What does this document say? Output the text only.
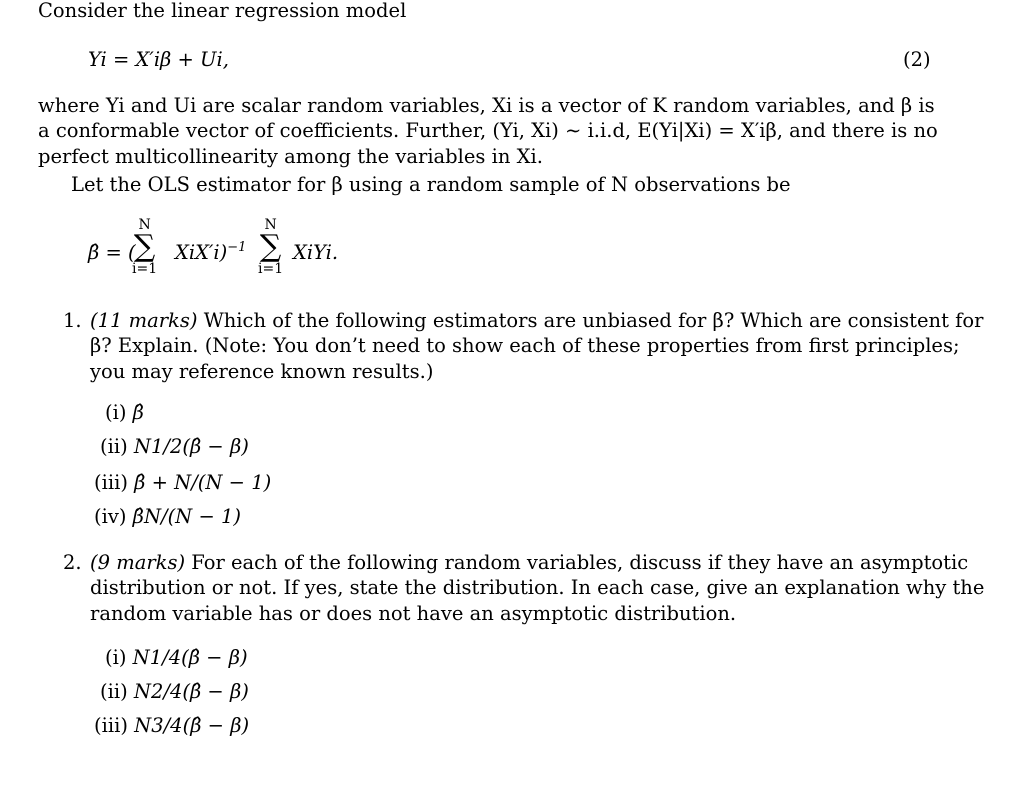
Consider the linear regression model
Yi = X′iβ + Ui,	(2)
where Yi and Ui are scalar random variables, Xi is a vector of K random variables, and β is
a conformable vector of coefficients. Further, (Yi, Xi) ∼ i.i.d, E(Yi|Xi) = X′iβ, and there is no
perfect multicollinearity among the variables in Xi.
Let the OLS estimator for β using a random sample of N observations be
β̂ = (
N
∑
i=1
XiX′i)$^{-1}$
N
∑
i=1
XiYi.
1. (11 marks) Which of the following estimators are unbiased for β? Which are consistent for
β? Explain. (Note: You don’t need to show each of these properties from first principles;
you may reference known results.)
(i) β̂
(ii) N1/2(β̂ − β)
(iii) β̂ + N/(N − 1)
(iv) β̂N/(N − 1)
2. (9 marks) For each of the following random variables, discuss if they have an asymptotic
distribution or not. If yes, state the distribution. In each case, give an explanation why the
random variable has or does not have an asymptotic distribution.
(i) N1/4(β̂ − β)
(ii) N2/4(β̂ − β)
(iii) N3/4(β̂ − β)
